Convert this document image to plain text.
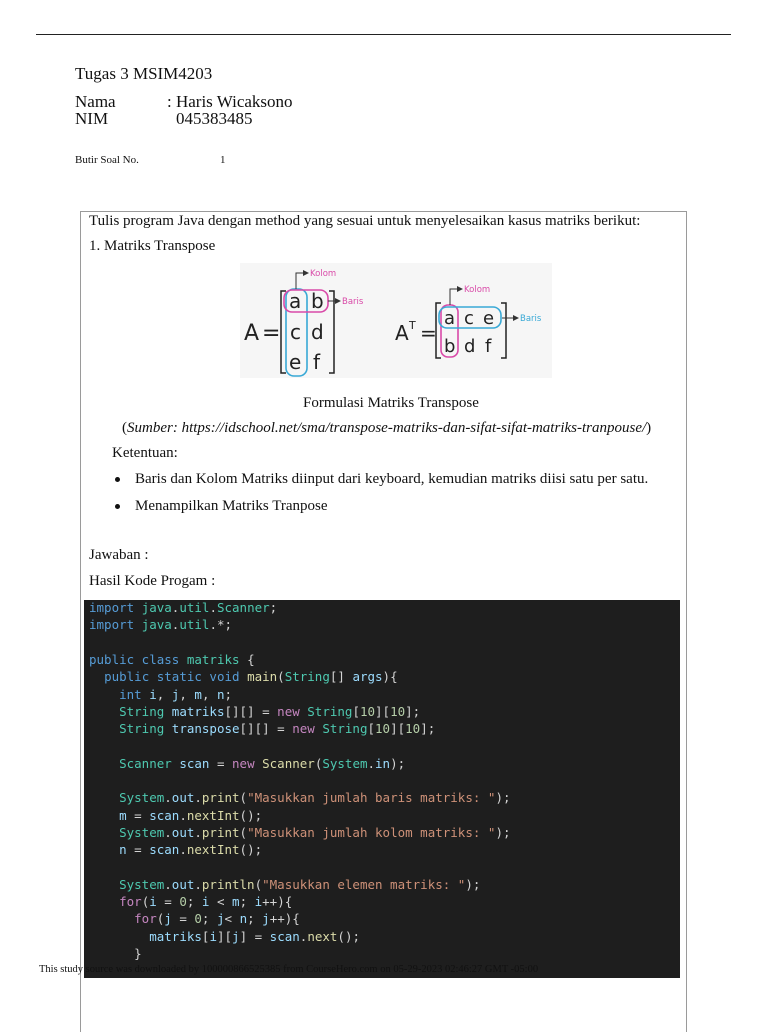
Tugas 3 MSIM4203
Nama	: Haris Wicaksono
NIM	045383485
Butir Soal No.	1
Tulis program Java dengan method yang sesuai untuk menyelesaikan kasus matriks berikut:
1. Matriks Transpose
A =
a b
c d
e f
Kolom
Baris
A T =
a c e
b d f
Kolom
Baris
Formulasi Matriks Transpose
(Sumber: https://idschool.net/sma/transpose-matriks-dan-sifat-sifat-matriks-tranpouse/)
Ketentuan:
Baris dan Kolom Matriks diinput dari keyboard, kemudian matriks diisi satu per satu.
Menampilkan Matriks Tranpose
Jawaban :
Hasil Kode Progam :
import java.util.Scanner;
import java.util.*;
public class matriks {
public static void main(String[] args){
int i, j, m, n;
String matriks[][] = new String[10][10];
String transpose[][] = new String[10][10];
Scanner scan = new Scanner(System.in);
System.out.print("Masukkan jumlah baris matriks: ");
m = scan.nextInt();
System.out.print("Masukkan jumlah kolom matriks: ");
n = scan.nextInt();
System.out.println("Masukkan elemen matriks: ");
for(i = 0; i < m; i++){
for(j = 0; j< n; j++){
matriks[i][j] = scan.next();
}
This study source was downloaded by 100000866525385 from CourseHero.com on 05-29-2023 02:46:27 GMT -05:00
